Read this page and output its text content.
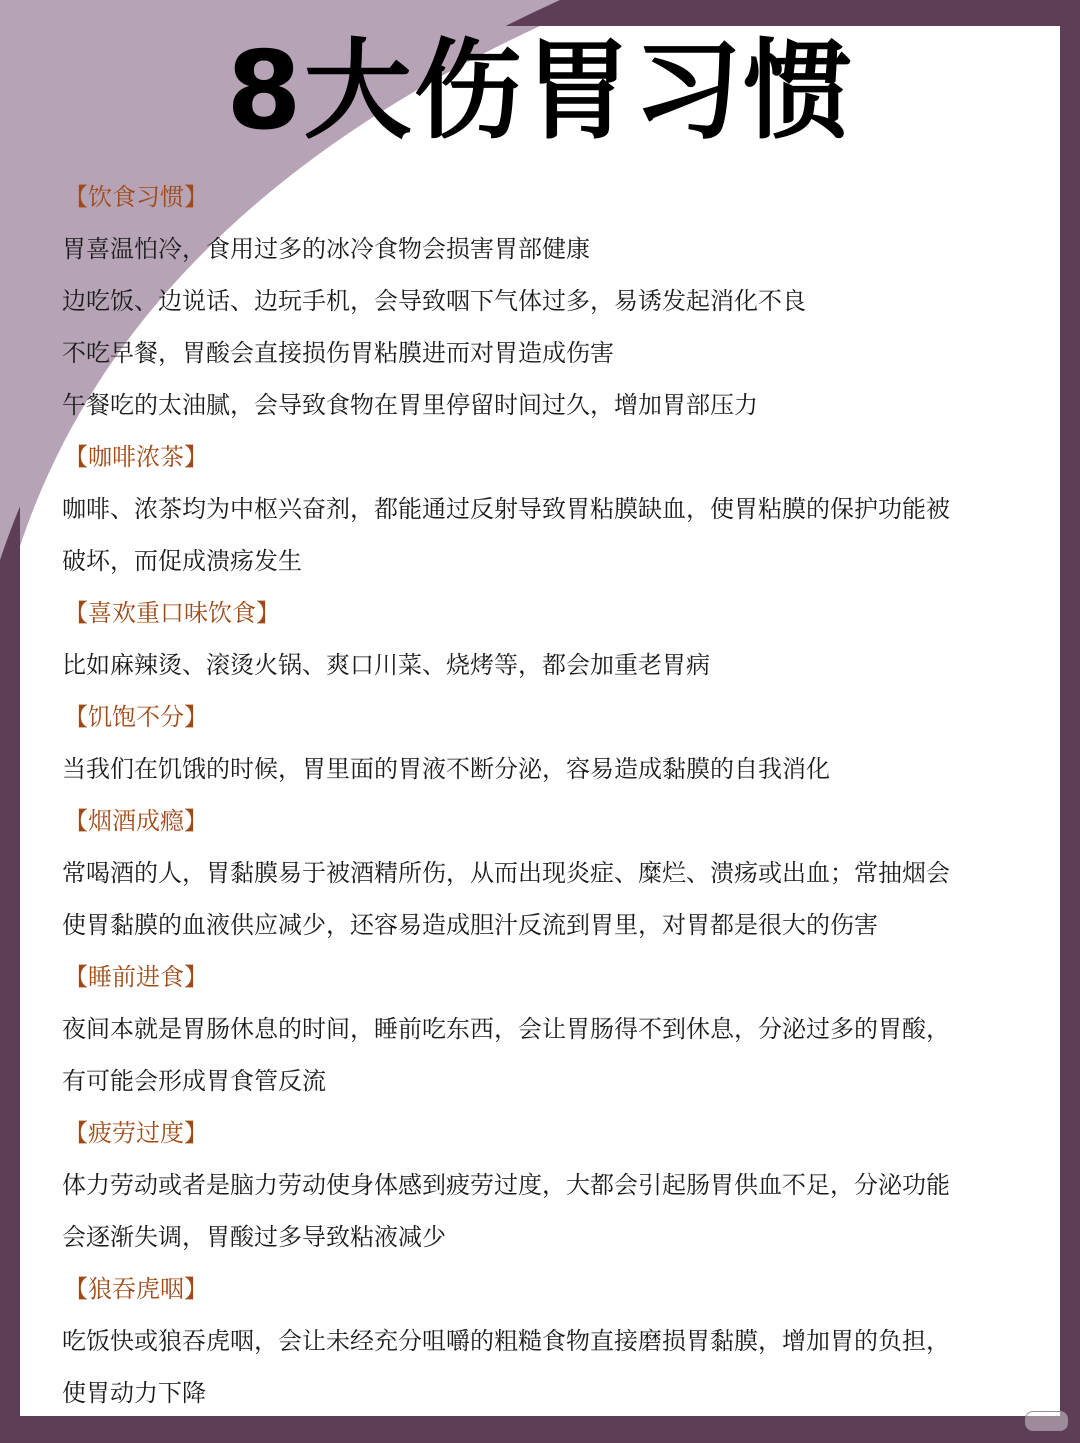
8大伤胃习惯
【饮食习惯】
胃喜温怕冷，食用过多的冰冷食物会损害胃部健康
边吃饭、边说话、边玩手机，会导致咽下气体过多，易诱发起消化不良
不吃早餐，胃酸会直接损伤胃粘膜进而对胃造成伤害
午餐吃的太油腻，会导致食物在胃里停留时间过久，增加胃部压力
【咖啡浓茶】
咖啡、浓茶均为中枢兴奋剂，都能通过反射导致胃粘膜缺血，使胃粘膜的保护功能被
破坏，而促成溃疡发生
【喜欢重口味饮食】
比如麻辣烫、滚烫火锅、爽口川菜、烧烤等，都会加重老胃病
【饥饱不分】
当我们在饥饿的时候，胃里面的胃液不断分泌，容易造成黏膜的自我消化
【烟酒成瘾】
常喝酒的人，胃黏膜易于被酒精所伤，从而出现炎症、糜烂、溃疡或出血；常抽烟会
使胃黏膜的血液供应减少，还容易造成胆汁反流到胃里，对胃都是很大的伤害
【睡前进食】
夜间本就是胃肠休息的时间，睡前吃东西，会让胃肠得不到休息，分泌过多的胃酸，
有可能会形成胃食管反流
【疲劳过度】
体力劳动或者是脑力劳动使身体感到疲劳过度，大都会引起肠胃供血不足，分泌功能
会逐渐失调，胃酸过多导致粘液减少
【狼吞虎咽】
吃饭快或狼吞虎咽，会让未经充分咀嚼的粗糙食物直接磨损胃黏膜，增加胃的负担，
使胃动力下降
小红书
